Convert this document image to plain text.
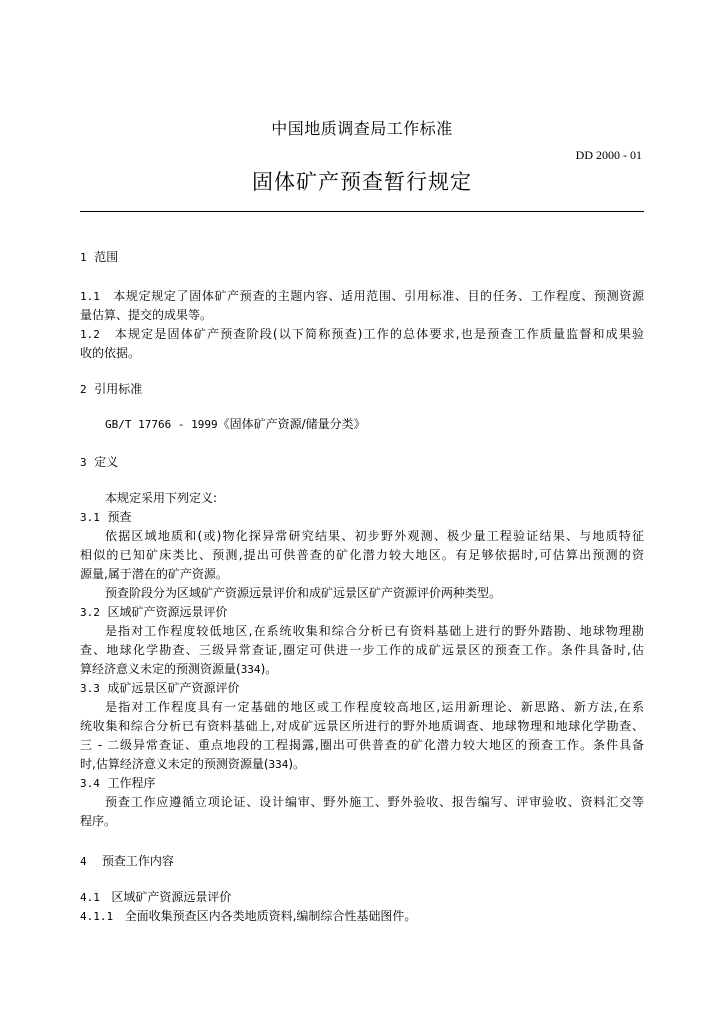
中国地质调查局工作标准
DD 2000 - 01
固体矿产预查暂行规定
1 范围
1.1 本规定规定了固体矿产预查的主题内容、适用范围、引用标准、目的任务、工作程度、预测资源
量估算、提交的成果等。
1.2 本规定是固体矿产预查阶段(以下简称预查)工作的总体要求,也是预查工作质量监督和成果验
收的依据。
2 引用标准
GB/T 17766 - 1999《固体矿产资源/储量分类》
3 定义
本规定采用下列定义:
3.1 预查
依据区域地质和(或)物化探异常研究结果、初步野外观测、极少量工程验证结果、与地质特征
相似的已知矿床类比、预测,提出可供普查的矿化潜力较大地区。有足够依据时,可估算出预测的资
源量,属于潜在的矿产资源。
预查阶段分为区域矿产资源远景评价和成矿远景区矿产资源评价两种类型。
3.2 区域矿产资源远景评价
是指对工作程度较低地区,在系统收集和综合分析已有资料基础上进行的野外踏勘、地球物理勘
查、地球化学勘查、三级异常查证,圈定可供进一步工作的成矿远景区的预查工作。条件具备时,估
算经济意义未定的预测资源量(334)。
3.3 成矿远景区矿产资源评价
是指对工作程度具有一定基础的地区或工作程度较高地区,运用新理论、新思路、新方法,在系
统收集和综合分析已有资料基础上,对成矿远景区所进行的野外地质调查、地球物理和地球化学勘查、
三 - 二级异常查证、重点地段的工程揭露,圈出可供普查的矿化潜力较大地区的预查工作。条件具备
时,估算经济意义未定的预测资源量(334)。
3.4 工作程序
预查工作应遵循立项论证、设计编审、野外施工、野外验收、报告编写、评审验收、资料汇交等
程序。
4 预查工作内容
4.1 区域矿产资源远景评价
4.1.1 全面收集预查区内各类地质资料,编制综合性基础图件。
